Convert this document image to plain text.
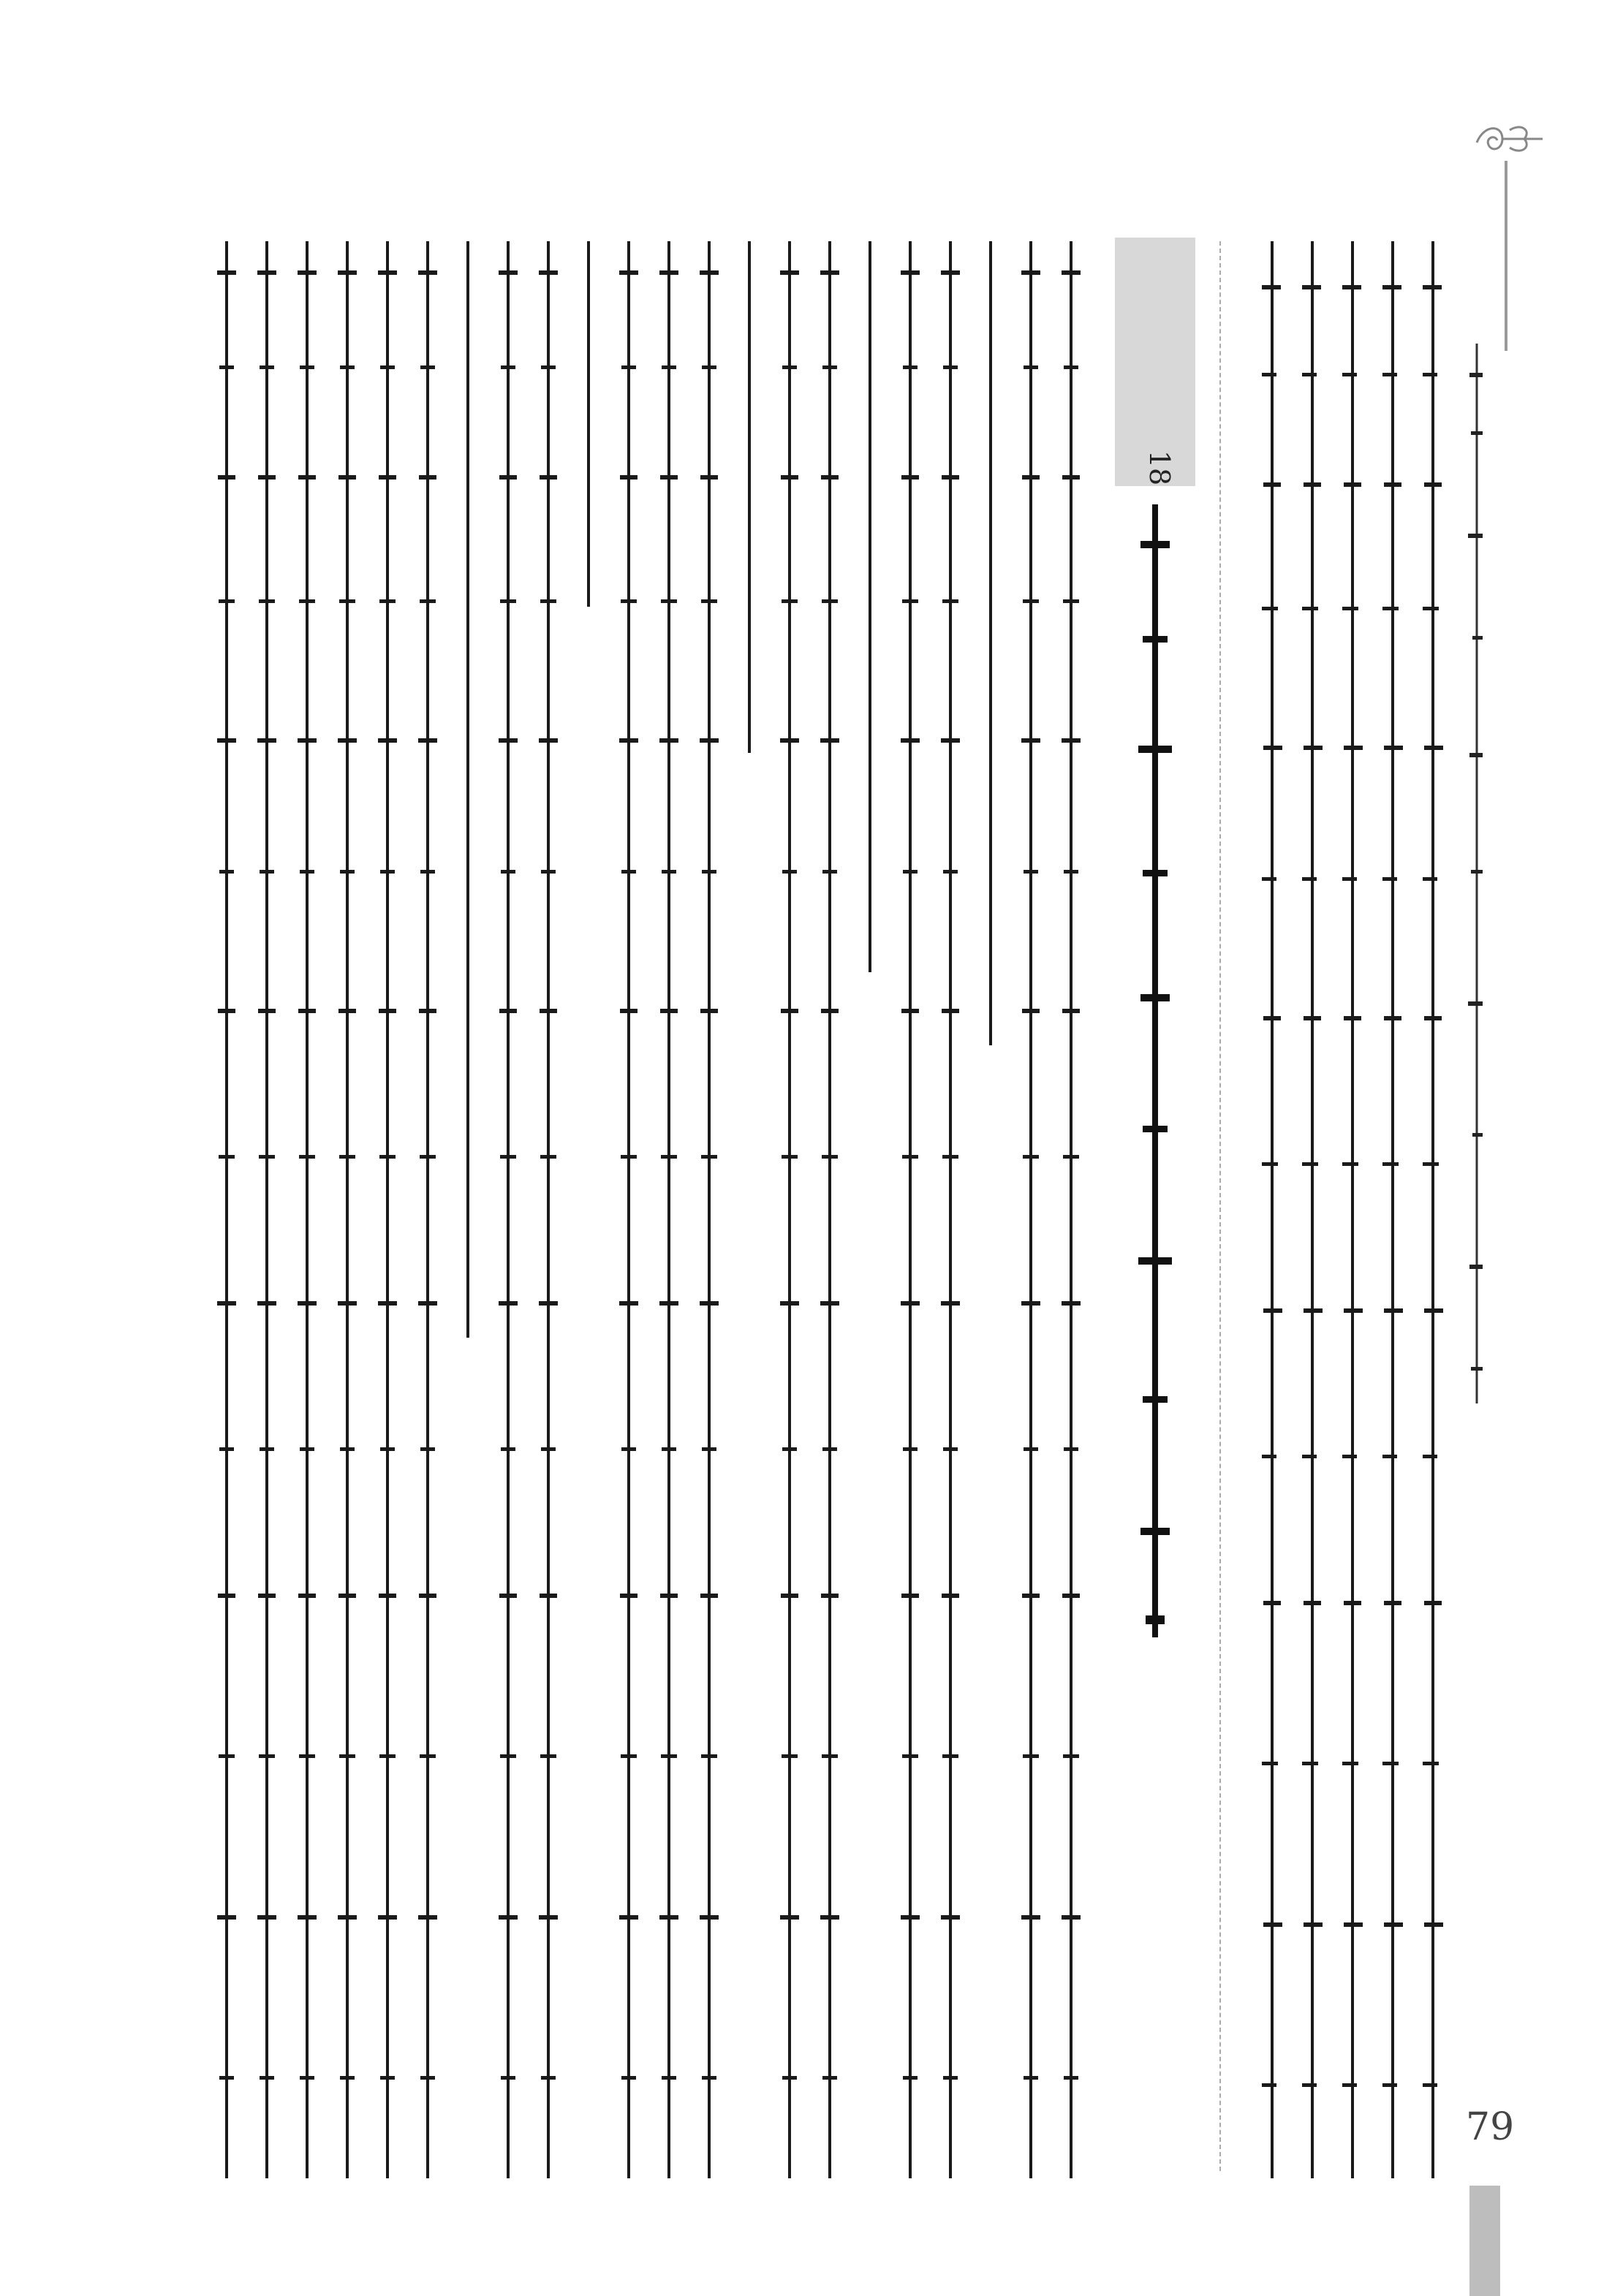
18
79
